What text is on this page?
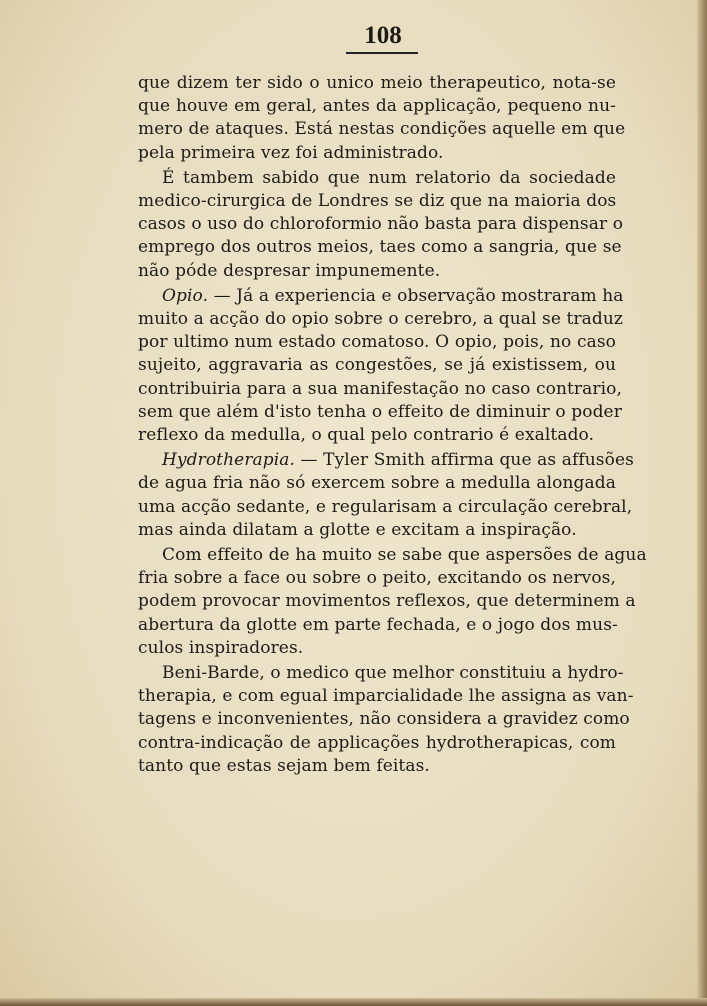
108
que dizem ter sido o unico meio therapeutico, nota-se
que houve em geral, antes da applicação, pequeno nu-
mero de ataques. Está nestas condições aquelle em que
pela primeira vez foi administrado.
É tambem sabido que num relatorio da sociedade
medico-cirurgica de Londres se diz que na maioria dos
casos o uso do chloroformio não basta para dispensar o
emprego dos outros meios, taes como a sangria, que se
não póde despresar impunemente.
Opio. — Já a experiencia e observação mostraram ha
muito a acção do opio sobre o cerebro, a qual se traduz
por ultimo num estado comatoso. O opio, pois, no caso
sujeito, aggravaria as congestões, se já existissem, ou
contribuiria para a sua manifestação no caso contrario,
sem que além d'isto tenha o effeito de diminuir o poder
reflexo da medulla, o qual pelo contrario é exaltado.
Hydrotherapia. — Tyler Smith affirma que as affusões
de agua fria não só exercem sobre a medulla alongada
uma acção sedante, e regularisam a circulação cerebral,
mas ainda dilatam a glotte e excitam a inspiração.
Com effeito de ha muito se sabe que aspersões de agua
fria sobre a face ou sobre o peito, excitando os nervos,
podem provocar movimentos reflexos, que determinem a
abertura da glotte em parte fechada, e o jogo dos mus-
culos inspiradores.
Beni-Barde, o medico que melhor constituiu a hydro-
therapia, e com egual imparcialidade lhe assigna as van-
tagens e inconvenientes, não considera a gravidez como
contra-indicação de applicações hydrotherapicas, com
tanto que estas sejam bem feitas.
